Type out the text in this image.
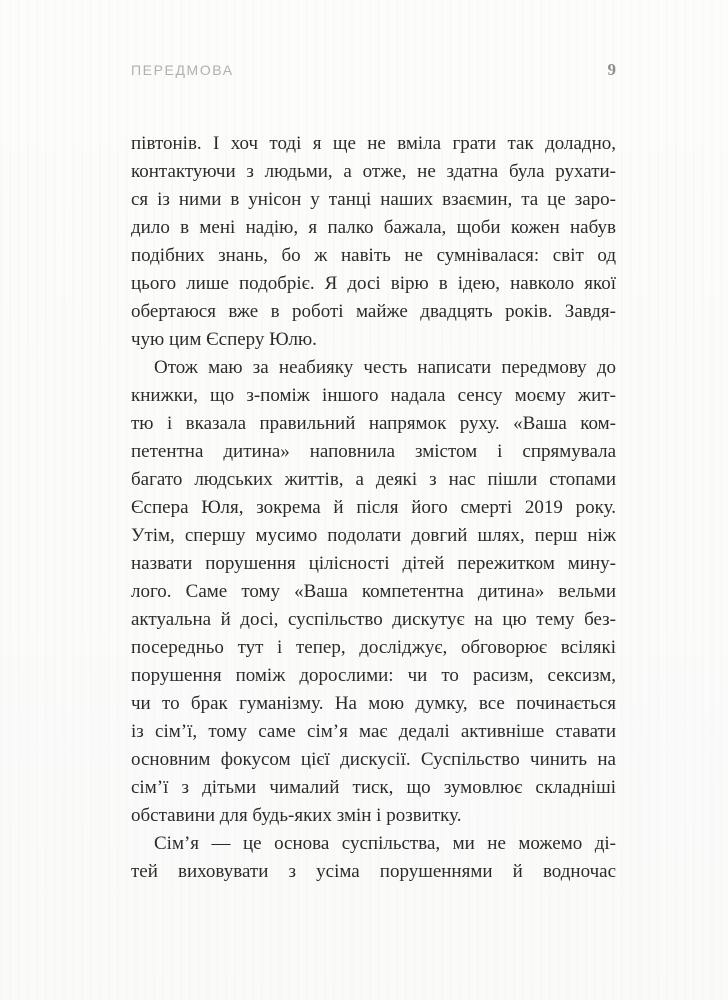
ПЕРЕДМОВА	9
півтонів. І хоч тоді я ще не вміла грати так доладно,
контактуючи з людьми, а отже, не здатна була рухати-
ся із ними в унісон у танці наших взаємин, та це заро-
дило в мені надію, я палко бажала, щоби кожен набув
подібних знань, бо ж навіть не сумнівалася: світ од
цього лише подобріє. Я досі вірю в ідею, навколо якої
обертаюся вже в роботі майже двадцять років. Завдя-
чую цим Єсперу Юлю.
Отож маю за неабияку честь написати передмову до
книжки, що з-поміж іншого надала сенсу моєму жит-
тю і вказала правильний напрямок руху. «Ваша ком-
петентна дитина» наповнила змістом і спрямувала
багато людських життів, а деякі з нас пішли стопами
Єспера Юля, зокрема й після його смерті 2019 року.
Утім, спершу мусимо подолати довгий шлях, перш ніж
назвати порушення цілісності дітей пережитком мину-
лого. Саме тому «Ваша компетентна дитина» вельми
актуальна й досі, суспільство дискутує на цю тему без-
посередньо тут і тепер, досліджує, обговорює всілякі
порушення поміж дорослими: чи то расизм, сексизм,
чи то брак гуманізму. На мою думку, все починається
із сім’ї, тому саме сім’я має дедалі активніше ставати
основним фокусом цієї дискусії. Суспільство чинить на
сім’ї з дітьми чималий тиск, що зумовлює складніші
обставини для будь-яких змін і розвитку.
Сім’я — це основа суспільства, ми не можемо ді-
тей виховувати з усіма порушеннями й водночас
